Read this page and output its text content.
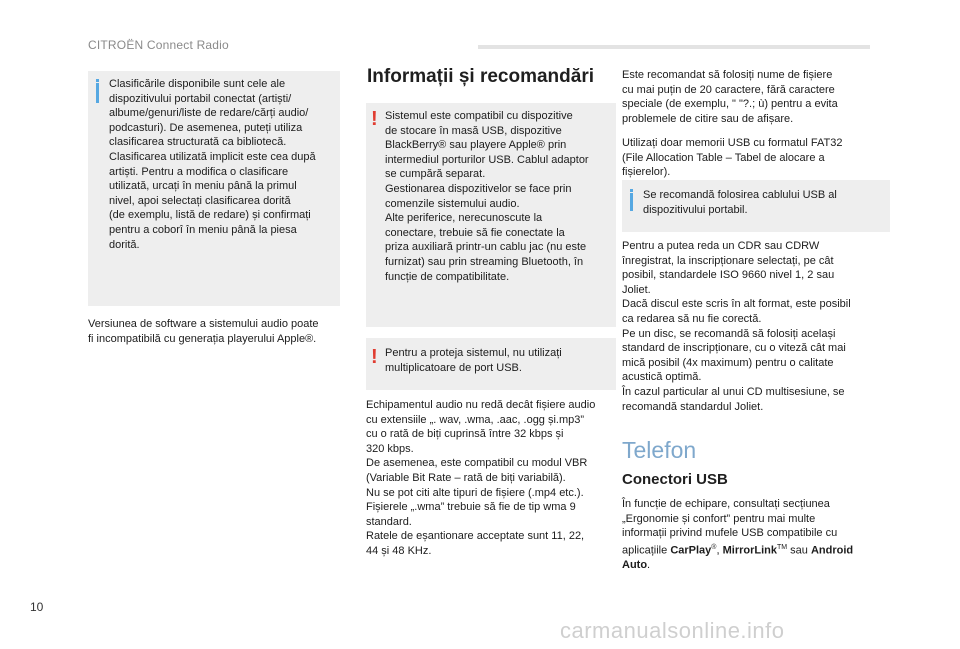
CITROËN Connect Radio
Clasificările disponibile sunt cele ale
dispozitivului portabil conectat (artiști/
albume/genuri/liste de redare/cărți audio/
podcasturi). De asemenea, puteți utiliza
clasificarea structurată ca bibliotecă.
Clasificarea utilizată implicit este cea după
artiști. Pentru a modifica o clasificare
utilizată, urcați în meniu până la primul
nivel, apoi selectați clasificarea dorită
(de exemplu, listă de redare) și confirmați
pentru a coborî în meniu până la piesa
dorită.
Versiunea de software a sistemului audio poate
fi incompatibilă cu generația playerului Apple®.
Informații și recomandări
! Sistemul este compatibil cu dispozitive
de stocare în masă USB, dispozitive
BlackBerry® sau playere Apple® prin
intermediul porturilor USB. Cablul adaptor
se cumpără separat.
Gestionarea dispozitivelor se face prin
comenzile sistemului audio.
Alte periferice, nerecunoscute la
conectare, trebuie să fie conectate la
priza auxiliară printr-un cablu jac (nu este
furnizat) sau prin streaming Bluetooth, în
funcție de compatibilitate.
! Pentru a proteja sistemul, nu utilizați
multiplicatoare de port USB.
Echipamentul audio nu redă decât fișiere audio
cu extensiile „. wav, .wma, .aac, .ogg și.mp3”
cu o rată de biți cuprinsă între 32 kbps și
320 kbps.
De asemenea, este compatibil cu modul VBR
(Variable Bit Rate – rată de biți variabilă).
Nu se pot citi alte tipuri de fișiere (.mp4 etc.).
Fișierele „.wma” trebuie să fie de tip wma 9
standard.
Ratele de eșantionare acceptate sunt 11, 22,
44 și 48 KHz.
Este recomandat să folosiți nume de fișiere
cu mai puțin de 20 caractere, fără caractere
speciale (de exemplu, " "?.; ù) pentru a evita
problemele de citire sau de afișare.
Utilizați doar memorii USB cu formatul FAT32
(File Allocation Table – Tabel de alocare a
fișierelor).
Se recomandă folosirea cablului USB al
dispozitivului portabil.
Pentru a putea reda un CDR sau CDRW
înregistrat, la inscripționare selectați, pe cât
posibil, standardele ISO 9660 nivel 1, 2 sau
Joliet.
Dacă discul este scris în alt format, este posibil
ca redarea să nu fie corectă.
Pe un disc, se recomandă să folosiți același
standard de inscripționare, cu o viteză cât mai
mică posibil (4x maximum) pentru o calitate
acustică optimă.
În cazul particular al unui CD multisesiune, se
recomandă standardul Joliet.
Telefon
Conectori USB
În funcție de echipare, consultați secțiunea
„Ergonomie și confort” pentru mai multe
informații privind mufele USB compatibile cu
aplicațiile CarPlay®, MirrorLink™ sau Android
Auto.
10
carmanualsonline.info
